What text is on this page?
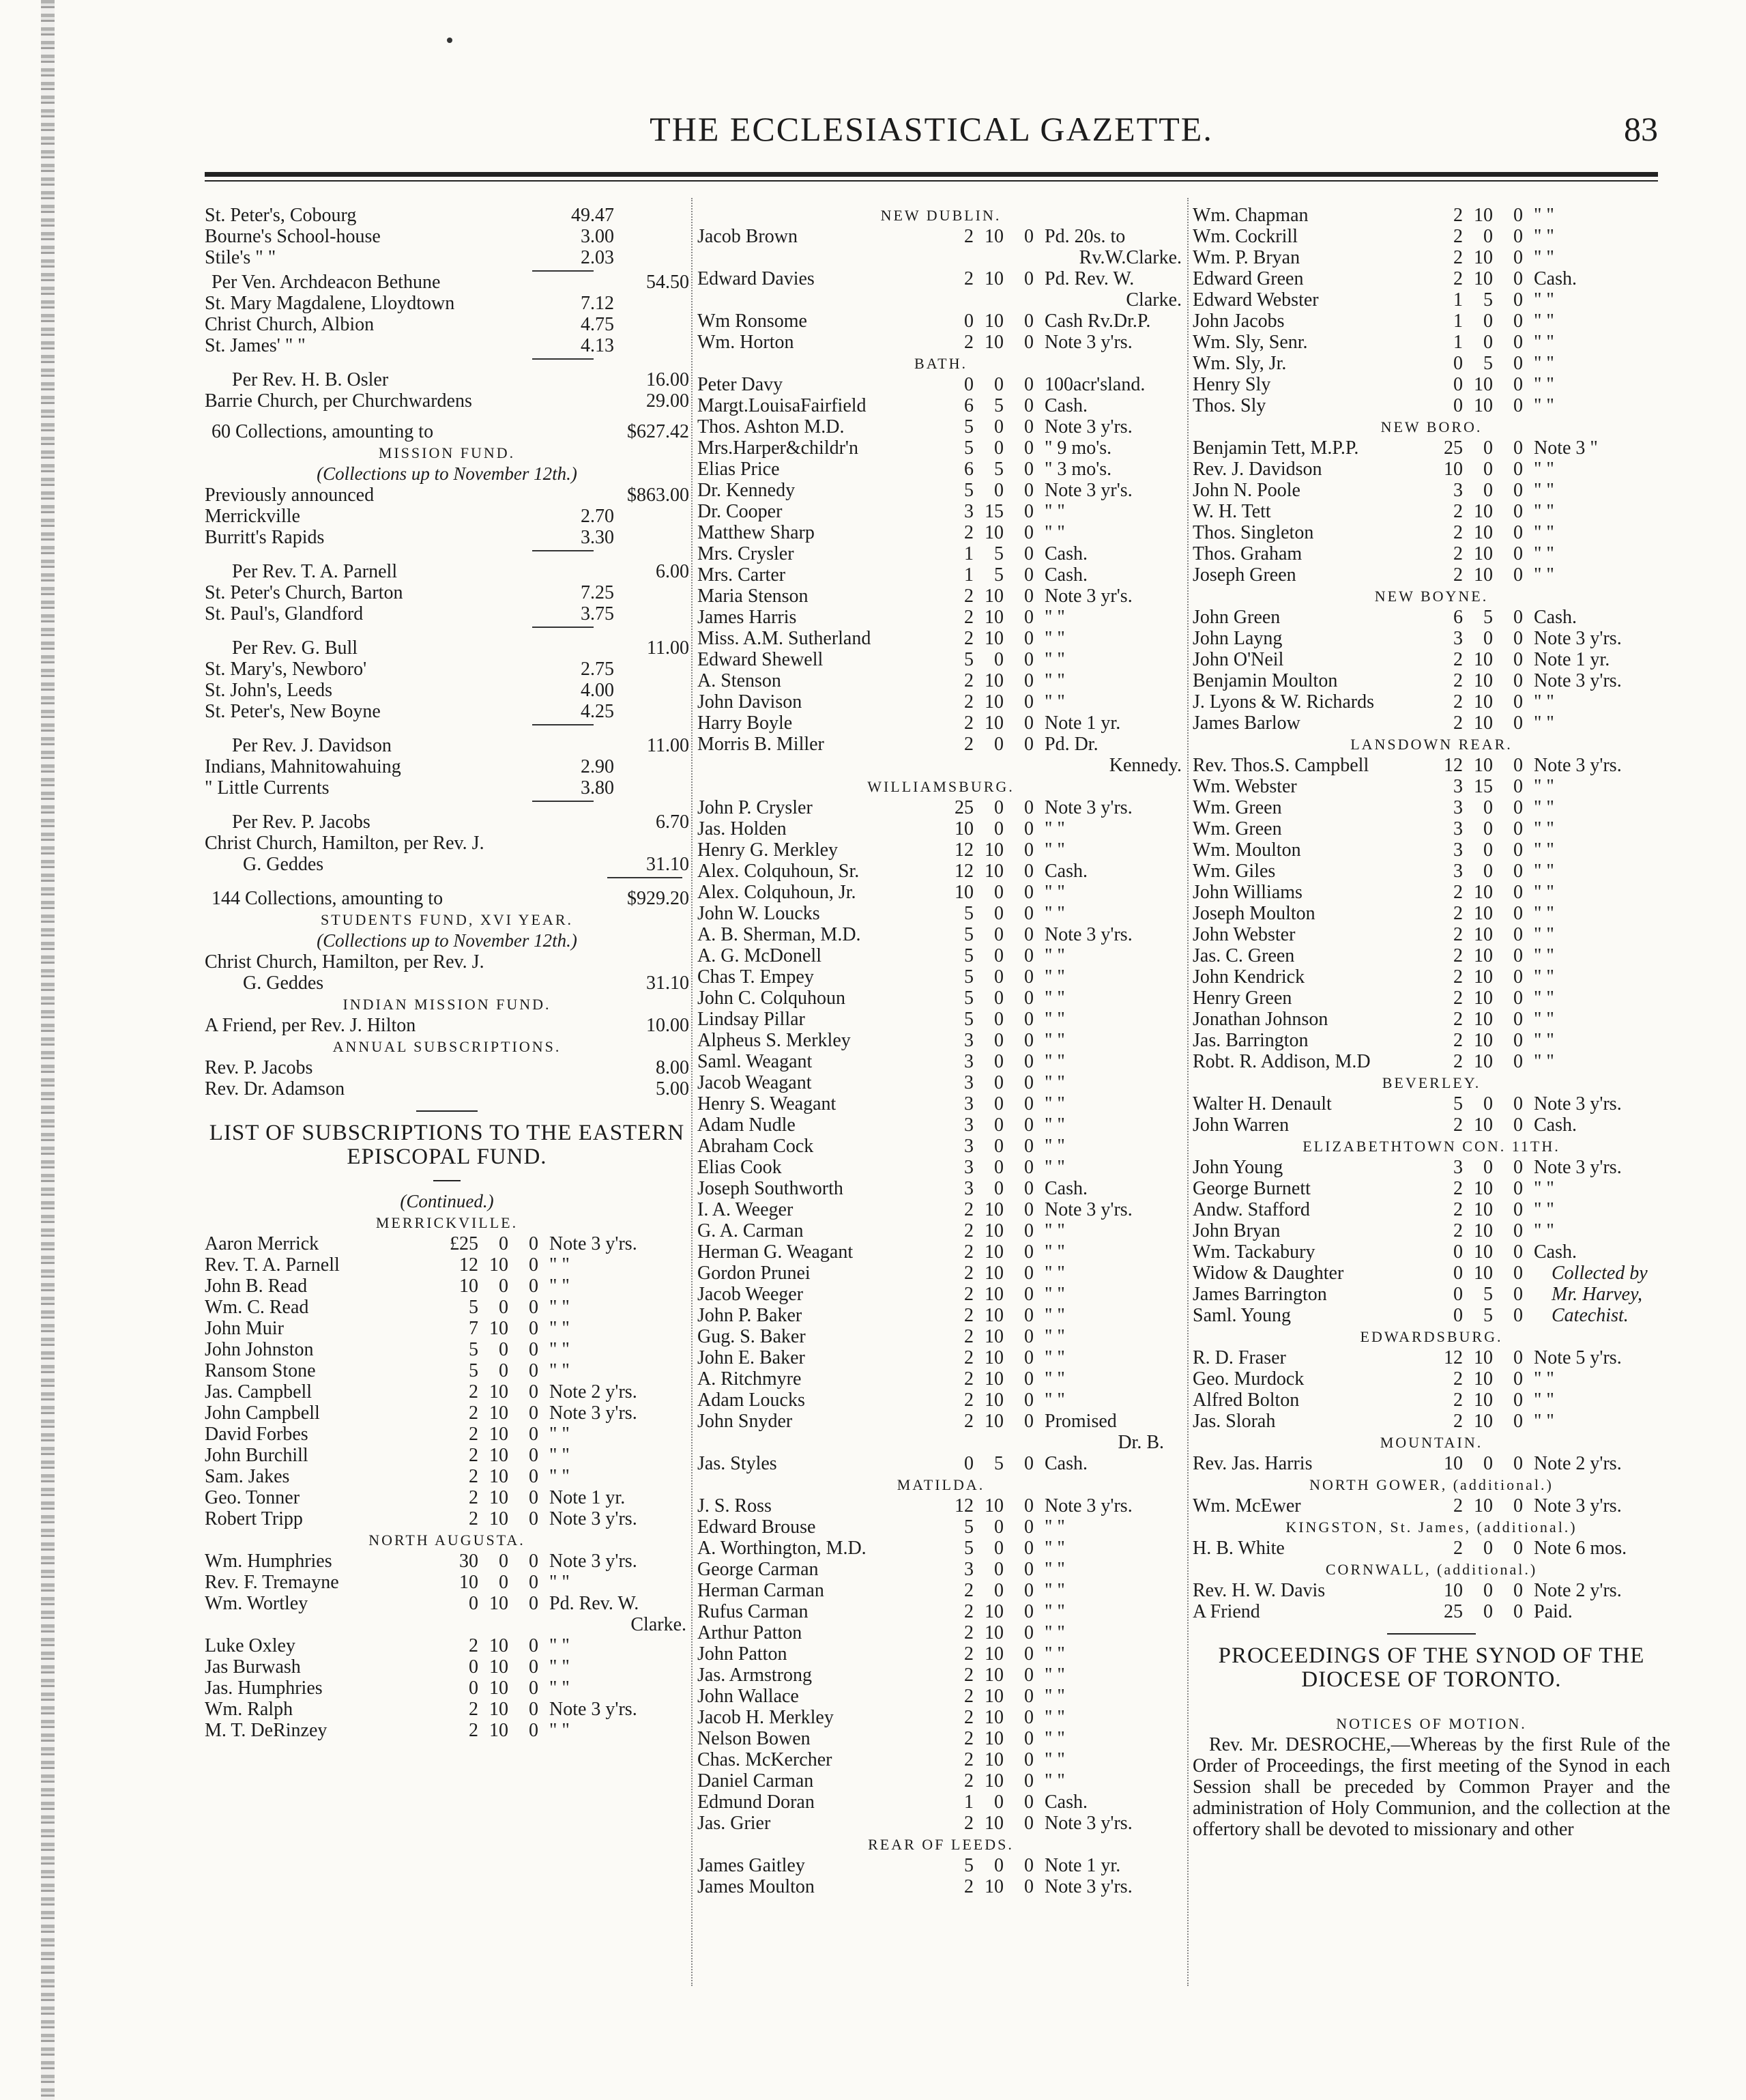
THE ECCLESIASTICAL GAZETTE.	83
St. Peter's, Cobourg	49.47
Bourne's School-house	3.00
Stile's " "	2.03
Per Ven. Archdeacon Bethune	54.50
St. Mary Magdalene, Lloydtown	7.12
Christ Church, Albion	4.75
St. James' " "	4.13
Per Rev. H. B. Osler	16.00
Barrie Church, per Churchwardens	29.00
60 Collections, amounting to	$627.42
MISSION FUND.
(Collections up to November 12th.)
Previously announced	$863.00
Merrickville	2.70
Burritt's Rapids	3.30
Per Rev. T. A. Parnell	6.00
St. Peter's Church, Barton	7.25
St. Paul's, Glandford	3.75
Per Rev. G. Bull	11.00
St. Mary's, Newboro'	2.75
St. John's, Leeds	4.00
St. Peter's, New Boyne	4.25
Per Rev. J. Davidson	11.00
Indians, Mahnitowahuing	2.90
" Little Currents	3.80
Per Rev. P. Jacobs	6.70
Christ Church, Hamilton, per Rev. J.
G. Geddes	31.10
144 Collections, amounting to	$929.20
STUDENTS FUND, XVI YEAR.
(Collections up to November 12th.)
Christ Church, Hamilton, per Rev. J.
G. Geddes	31.10
INDIAN MISSION FUND.
A Friend, per Rev. J. Hilton	10.00
ANNUAL SUBSCRIPTIONS.
Rev. P. Jacobs	8.00
Rev. Dr. Adamson	5.00
LIST OF SUBSCRIPTIONS TO THE EASTERN
EPISCOPAL FUND.
(Continued.)
MERRICKVILLE.
Aaron Merrick	£25	0	0 Note 3 y'rs.
Rev. T. A. Parnell	12 10	0 " "
John B. Read	10	0	0 " "
Wm. C. Read	5	0	0 " "
John Muir	7 10	0 " "
John Johnston	5	0	0 " "
Ransom Stone	5	0	0 " "
Jas. Campbell	2 10	0 Note 2 y'rs.
John Campbell	2 10	0 Note 3 y'rs.
David Forbes	2 10	0 " "
John Burchill	2 10	0 " "
Sam. Jakes	2 10	0 " "
Geo. Tonner	2 10	0 Note 1 yr.
Robert Tripp	2 10	0 Note 3 y'rs.
NORTH AUGUSTA.
Wm. Humphries	30	0	0 Note 3 y'rs.
Rev. F. Tremayne	10	0	0 " "
Wm. Wortley	0 10	0 Pd. Rev. W.
Clarke.
Luke Oxley	2 10	0 " "
Jas Burwash	0 10	0 " "
Jas. Humphries	0 10	0 " "
Wm. Ralph	2 10	0 Note 3 y'rs.
M. T. DeRinzey	2 10	0 " "
NEW DUBLIN.
Jacob Brown	2 10	0 Pd. 20s. to
Rv.W.Clarke.
Edward Davies	2 10	0 Pd. Rev. W.
Clarke.
Wm Ronsome	0 10	0 Cash Rv.Dr.P.
Wm. Horton	2 10	0 Note 3 y'rs.
BATH.
Peter Davy	0	0	0 100acr'sland.
Margt.LouisaFairfield	6	5	0 Cash.
Thos. Ashton M.D.	5	0	0 Note 3 y'rs.
Mrs.Harper&childr'n	5	0	0 " 9 mo's.
Elias Price	6	5	0 " 3 mo's.
Dr. Kennedy	5	0	0 Note 3 yr's.
Dr. Cooper	3 15	0 " "
Matthew Sharp	2 10	0 " "
Mrs. Crysler	1	5	0 Cash.
Mrs. Carter	1	5	0 Cash.
Maria Stenson	2 10	0 Note 3 yr's.
James Harris	2 10	0 " "
Miss. A.M. Sutherland	2 10	0 " "
Edward Shewell	5	0	0 " "
A. Stenson	2 10	0 " "
John Davison	2 10	0 " "
Harry Boyle	2 10	0 Note 1 yr.
Morris B. Miller	2	0	0 Pd. Dr.
Kennedy.
WILLIAMSBURG.
John P. Crysler	25	0	0 Note 3 y'rs.
Jas. Holden	10	0	0 " "
Henry G. Merkley	12 10	0 " "
Alex. Colquhoun, Sr.	12 10	0 Cash.
Alex. Colquhoun, Jr.	10	0	0 " "
John W. Loucks	5	0	0 " "
A. B. Sherman, M.D.	5	0	0 Note 3 y'rs.
A. G. McDonell	5	0	0 " "
Chas T. Empey	5	0	0 " "
John C. Colquhoun	5	0	0 " "
Lindsay Pillar	5	0	0 " "
Alpheus S. Merkley	3	0	0 " "
Saml. Weagant	3	0	0 " "
Jacob Weagant	3	0	0 " "
Henry S. Weagant	3	0	0 " "
Adam Nudle	3	0	0 " "
Abraham Cock	3	0	0 " "
Elias Cook	3	0	0 " "
Joseph Southworth	3	0	0 Cash.
I. A. Weeger	2 10	0 Note 3 y'rs.
G. A. Carman	2 10	0 " "
Herman G. Weagant	2 10	0 " "
Gordon Prunei	2 10	0 " "
Jacob Weeger	2 10	0 " "
John P. Baker	2 10	0 " "
Gug. S. Baker	2 10	0 " "
John E. Baker	2 10	0 " "
A. Ritchmyre	2 10	0 " "
Adam Loucks	2 10	0 " "
John Snyder	2 10	0 Promised
Dr. B.
Jas. Styles	0	5	0 Cash.
MATILDA.
J. S. Ross	12 10	0 Note 3 y'rs.
Edward Brouse	5	0	0 " "
A. Worthington, M.D.	5	0	0 " "
George Carman	3	0	0 " "
Herman Carman	2	0	0 " "
Rufus Carman	2 10	0 " "
Arthur Patton	2 10	0 " "
John Patton	2 10	0 " "
Jas. Armstrong	2 10	0 " "
John Wallace	2 10	0 " "
Jacob H. Merkley	2 10	0 " "
Nelson Bowen	2 10	0 " "
Chas. McKercher	2 10	0 " "
Daniel Carman	2 10	0 " "
Edmund Doran	1	0	0 Cash.
Jas. Grier	2 10	0 Note 3 y'rs.
REAR OF LEEDS.
James Gaitley	5	0	0 Note 1 yr.
James Moulton	2 10	0 Note 3 y'rs.
Wm. Chapman	2 10	0 " "
Wm. Cockrill	2	0	0 " "
Wm. P. Bryan	2 10	0 " "
Edward Green	2 10	0 Cash.
Edward Webster	1	5	0 " "
John Jacobs	1	0	0 " "
Wm. Sly, Senr.	1	0	0 " "
Wm. Sly, Jr.	0	5	0 " "
Henry Sly	0 10	0 " "
Thos. Sly	0 10	0 " "
NEW BORO.
Benjamin Tett, M.P.P.	25	0	0 Note 3 "
Rev. J. Davidson	10	0	0 " "
John N. Poole	3	0	0 " "
W. H. Tett	2 10	0 " "
Thos. Singleton	2 10	0 " "
Thos. Graham	2 10	0 " "
Joseph Green	2 10	0 " "
NEW BOYNE.
John Green	6	5	0 Cash.
John Layng	3	0	0 Note 3 y'rs.
John O'Neil	2 10	0 Note 1 yr.
Benjamin Moulton	2 10	0 Note 3 y'rs.
J. Lyons & W. Richards	2 10	0 " "
James Barlow	2 10	0 " "
LANSDOWN REAR.
Rev. Thos.S. Campbell	12 10	0 Note 3 y'rs.
Wm. Webster	3 15	0 " "
Wm. Green	3	0	0 " "
Wm. Green	3	0	0 " "
Wm. Moulton	3	0	0 " "
Wm. Giles	3	0	0 " "
John Williams	2 10	0 " "
Joseph Moulton	2 10	0 " "
John Webster	2 10	0 " "
Jas. C. Green	2 10	0 " "
John Kendrick	2 10	0 " "
Henry Green	2 10	0 " "
Jonathan Johnson	2 10	0 " "
Jas. Barrington	2 10	0 " "
Robt. R. Addison, M.D	2 10	0 " "
BEVERLEY.
Walter H. Denault	5	0	0 Note 3 y'rs.
John Warren	2 10	0 Cash.
ELIZABETHTOWN CON. 11TH.
John Young	3	0	0 Note 3 y'rs.
George Burnett	2 10	0 " "
Andw. Stafford	2 10	0 " "
John Bryan	2 10	0 " "
Wm. Tackabury	0 10	0 Cash.
Widow & Daughter	0 10	0
James Barrington	0	5	0
Saml. Young	0	5	0
Collected by
Mr. Harvey,
Catechist.
EDWARDSBURG.
R. D. Fraser	12 10	0 Note 5 y'rs.
Geo. Murdock	2 10	0 " "
Alfred Bolton	2 10	0 " "
Jas. Slorah	2 10	0 " "
MOUNTAIN.
Rev. Jas. Harris	10	0	0 Note 2 y'rs.
NORTH GOWER, (additional.)
Wm. McEwer	2 10	0 Note 3 y'rs.
KINGSTON, St. James, (additional.)
H. B. White	2	0	0 Note 6 mos.
CORNWALL, (additional.)
Rev. H. W. Davis	10	0	0 Note 2 y'rs.
A Friend	25	0	0 Paid.
PROCEEDINGS OF THE SYNOD OF THE
DIOCESE OF TORONTO.
NOTICES OF MOTION.
Rev. Mr. DESROCHE,—Whereas by the first Rule of the Order of Proceedings, the first meeting of the Synod in each Session shall be preceded by Common Prayer and the administration of Holy Communion, and the collection at the offertory shall be devoted to missionary and other
